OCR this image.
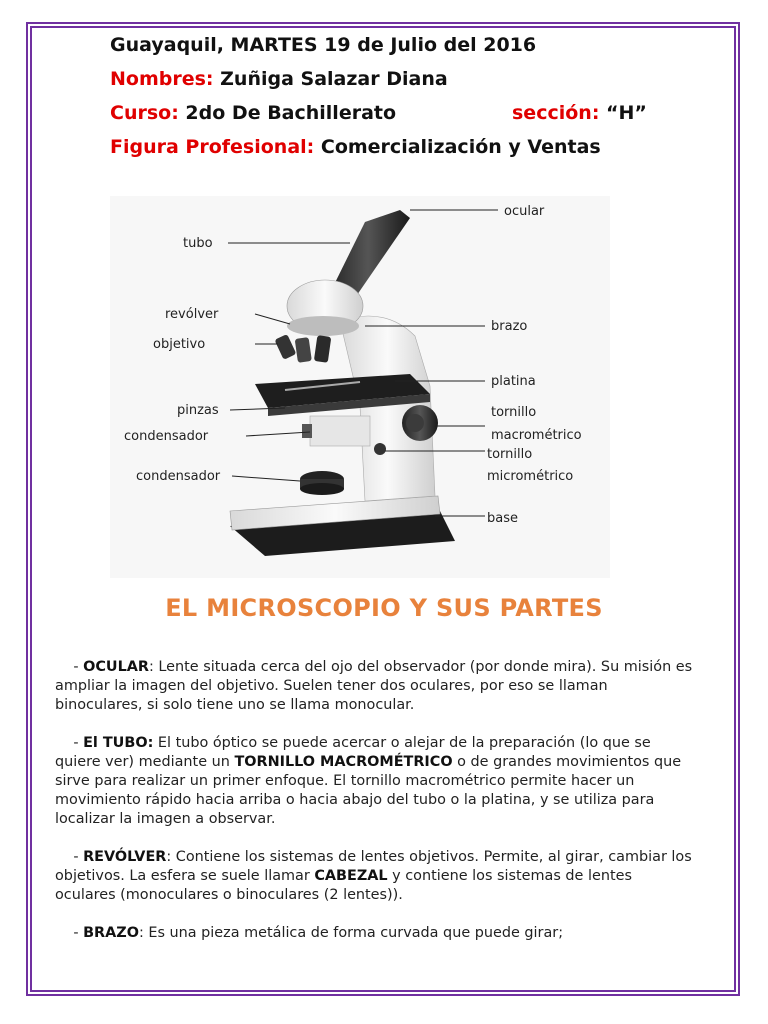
Guayaquil, MARTES 19 de Julio del 2016
Nombres: Zuñiga Salazar Diana
Curso: 2do De Bachillerato	sección: “H”
Figura Profesional: Comercialización y Ventas
ocular
tubo
revólver
objetivo
brazo
platina
pinzas	tornillo
macrométrico
condensador
tornillo
micrométrico
condensador
base
EL MICROSCOPIO Y SUS PARTES

- OCULAR: Lente situada cerca del ojo del observador (por donde mira). Su misión es ampliar la imagen del objetivo. Suelen tener dos oculares, por eso se llaman binoculares, si solo tiene uno se llama monocular.

- El TUBO: El tubo óptico se puede acercar o alejar de la preparación (lo que se quiere ver) mediante un TORNILLO MACROMÉTRICO o de grandes movimientos que sirve para realizar un primer enfoque. El tornillo macrométrico permite hacer un movimiento rápido hacia arriba o hacia abajo del tubo o la platina, y se utiliza para localizar la imagen a observar.

- REVÓLVER: Contiene los sistemas de lentes objetivos. Permite, al girar, cambiar los objetivos. La esfera se suele llamar CABEZAL y contiene los sistemas de lentes oculares (monoculares o binoculares (2 lentes)).

- BRAZO: Es una pieza metálica de forma curvada que puede girar;
